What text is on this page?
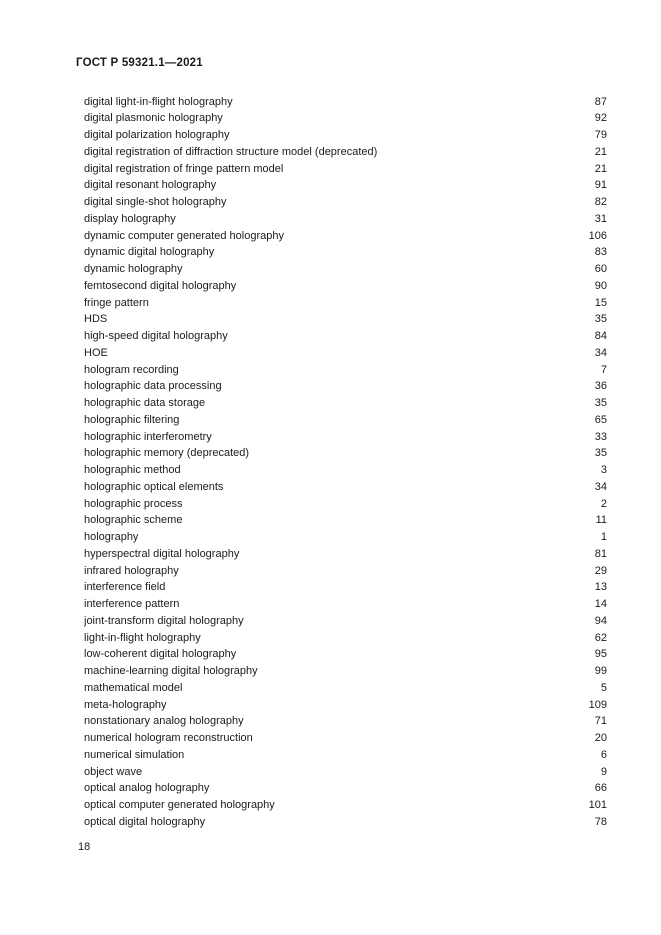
ГОСТ Р 59321.1—2021
digital light-in-flight holography	87
digital plasmonic holography	92
digital polarization holography	79
digital registration of diffraction structure model (deprecated)	21
digital registration of fringe pattern model	21
digital resonant holography	91
digital single-shot holography	82
display holography	31
dynamic computer generated holography	106
dynamic digital holography	83
dynamic holography	60
femtosecond digital holography	90
fringe pattern	15
HDS	35
high-speed digital holography	84
HOE	34
hologram recording	7
holographic data processing	36
holographic data storage	35
holographic filtering	65
holographic interferometry	33
holographic memory (deprecated)	35
holographic method	3
holographic optical elements	34
holographic process	2
holographic scheme	11
holography	1
hyperspectral digital holography	81
infrared holography	29
interference field	13
interference pattern	14
joint-transform digital holography	94
light-in-flight holography	62
low-coherent digital holography	95
machine-learning digital holography	99
mathematical model	5
meta-holography	109
nonstationary analog holography	71
numerical hologram reconstruction	20
numerical simulation	6
object wave	9
optical analog holography	66
optical computer generated holography	101
optical digital holography	78
18
